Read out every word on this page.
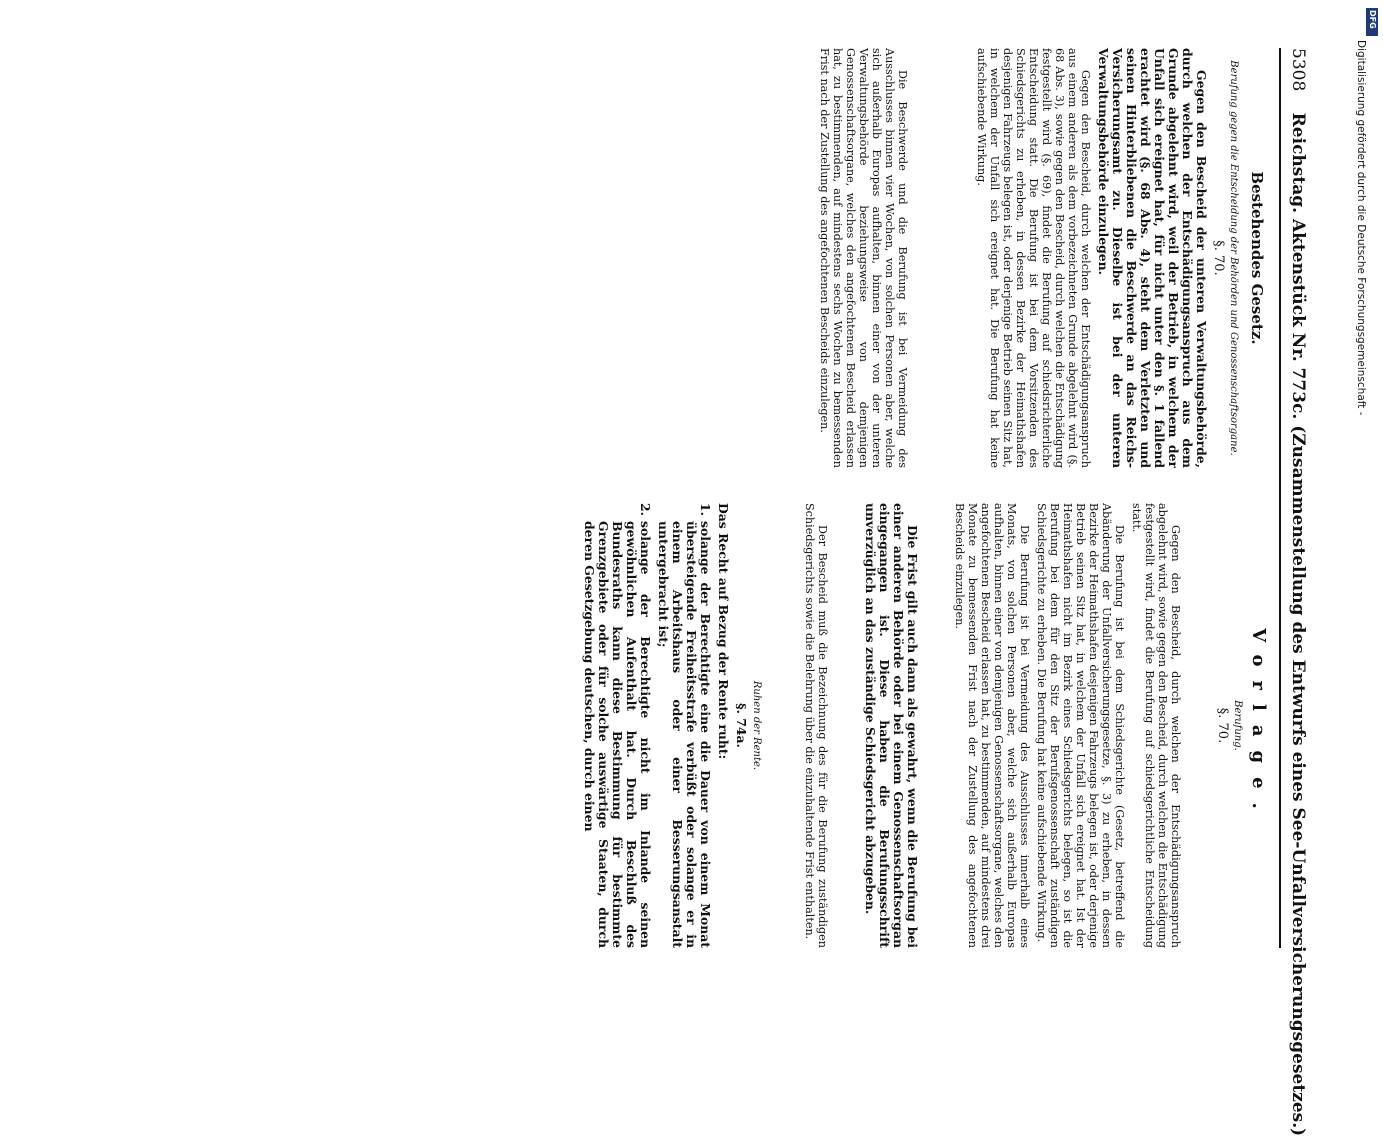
5308 Reichstag. Aktenstück Nr. 773c. (Zusammenstellung des Entwurfs eines See-Unfallversicherungsgesetzes.)
Bestehendes Gesetz.
Berufung gegen die Entscheidung der Behörden und Genossenschaftsorgane.
§. 70.

Gegen den Bescheid der unteren Verwaltungsbehörde, durch welchen der Entschädigungsanspruch aus dem Grunde abgelehnt wird, weil der Betrieb, in welchem der Unfall sich ereignet hat, für nicht unter den §. 1 fallend erachtet wird (§. 68 Abs. 4), steht dem Verletzten und seinen Hinterbliebenen die Beschwerde an das Reichs-Versicherungsamt zu. Dieselbe ist bei der unteren Verwaltungsbehörde einzulegen.

Gegen den Bescheid, durch welchen der Entschädigungsanspruch aus einem anderen als dem vorbezeichneten Grunde abgelehnt wird (§. 68 Abs. 3), sowie gegen den Bescheid, durch welchen die Entschädigung festgestellt wird (§. 69), findet die Berufung auf schiedsrichterliche Entscheidung statt. Die Berufung ist bei dem Vorsitzenden des Schiedsgerichts zu erheben, in dessen Bezirke der Heimathshafen desjenigen Fahrzeugs belegen ist, oder derjenige Betrieb seinen Sitz hat, in welchem der Unfall sich ereignet hat. Die Berufung hat keine aufschiebende Wirkung.

Die Beschwerde und die Berufung ist bei Vermeidung des Ausschlusses binnen vier Wochen, von solchen Personen aber, welche sich außerhalb Europas aufhalten, binnen einer von der unteren Verwaltungsbehörde beziehungsweise von demjenigen Genossenschaftsorgane, welches den angefochtenen Bescheid erlassen hat, zu bestimmenden, auf mindestens sechs Wochen zu bemessenden Frist nach der Zustellung des angefochtenen Bescheids einzulegen.

Vorlage.
Berufung.
§. 70.

Gegen den Bescheid, durch welchen der Entschädigungsanspruch abgelehnt wird, sowie gegen den Bescheid, durch welchen die Entschädigung festgestellt wird, findet die Berufung auf schiedsgerichtliche Entscheidung statt.

Die Berufung ist bei dem Schiedsgerichte (Gesetz, betreffend die Abänderung der Unfallversicherungsgesetze, §. 3) zu erheben, in dessen Bezirke der Heimathshafen desjenigen Fahrzeugs belegen ist, oder derjenige Betrieb seinen Sitz hat, in welchem der Unfall sich ereignet hat. Ist der Heimathshafen nicht im Bezirk eines Schiedsgerichts belegen, so ist die Berufung bei dem für den Sitz der Berufsgenossenschaft zuständigen Schiedsgerichte zu erheben. Die Berufung hat keine aufschiebende Wirkung.

Die Berufung ist bei Vermeidung des Ausschlusses innerhalb eines Monats, von solchen Personen aber, welche sich außerhalb Europas aufhalten, binnen einer von demjenigen Genossenschaftsorgane, welches den angefochtenen Bescheid erlassen hat, zu bestimmenden, auf mindestens drei Monate zu bemessenden Frist nach der Zustellung des angefochtenen Bescheids einzulegen.

Die Frist gilt auch dann als gewahrt, wenn die Berufung bei einer anderen Behörde oder bei einem Genossenschaftsorgan eingegangen ist. Diese haben die Berufungsschrift unverzüglich an das zuständige Schiedsgericht abzugeben.

Der Bescheid muß die Bezeichnung des für die Berufung zuständigen Schiedsgerichts sowie die Belehrung über die einzuhaltende Frist enthalten.

Ruhen der Rente.
§. 74a.

Das Recht auf Bezug der Rente ruht:

1.solange der Berechtigte eine die Dauer von einem Monat übersteigende Freiheitsstrafe verbüßt oder solange er in einem Arbeitshaus oder einer Besserungsanstalt untergebracht ist;

2.solange der Berechtigte nicht im Inlande seinen gewöhnlichen Aufenthalt hat. Durch Beschluß des Bundesraths kann diese Bestimmung für bestimmte Grenzgebiete oder für solche auswärtige Staaten, durch deren Gesetzgebung deutschen, durch einen

DFG
Digitalisierung gefördert durch die Deutsche Forschungsgemeinschaft -
